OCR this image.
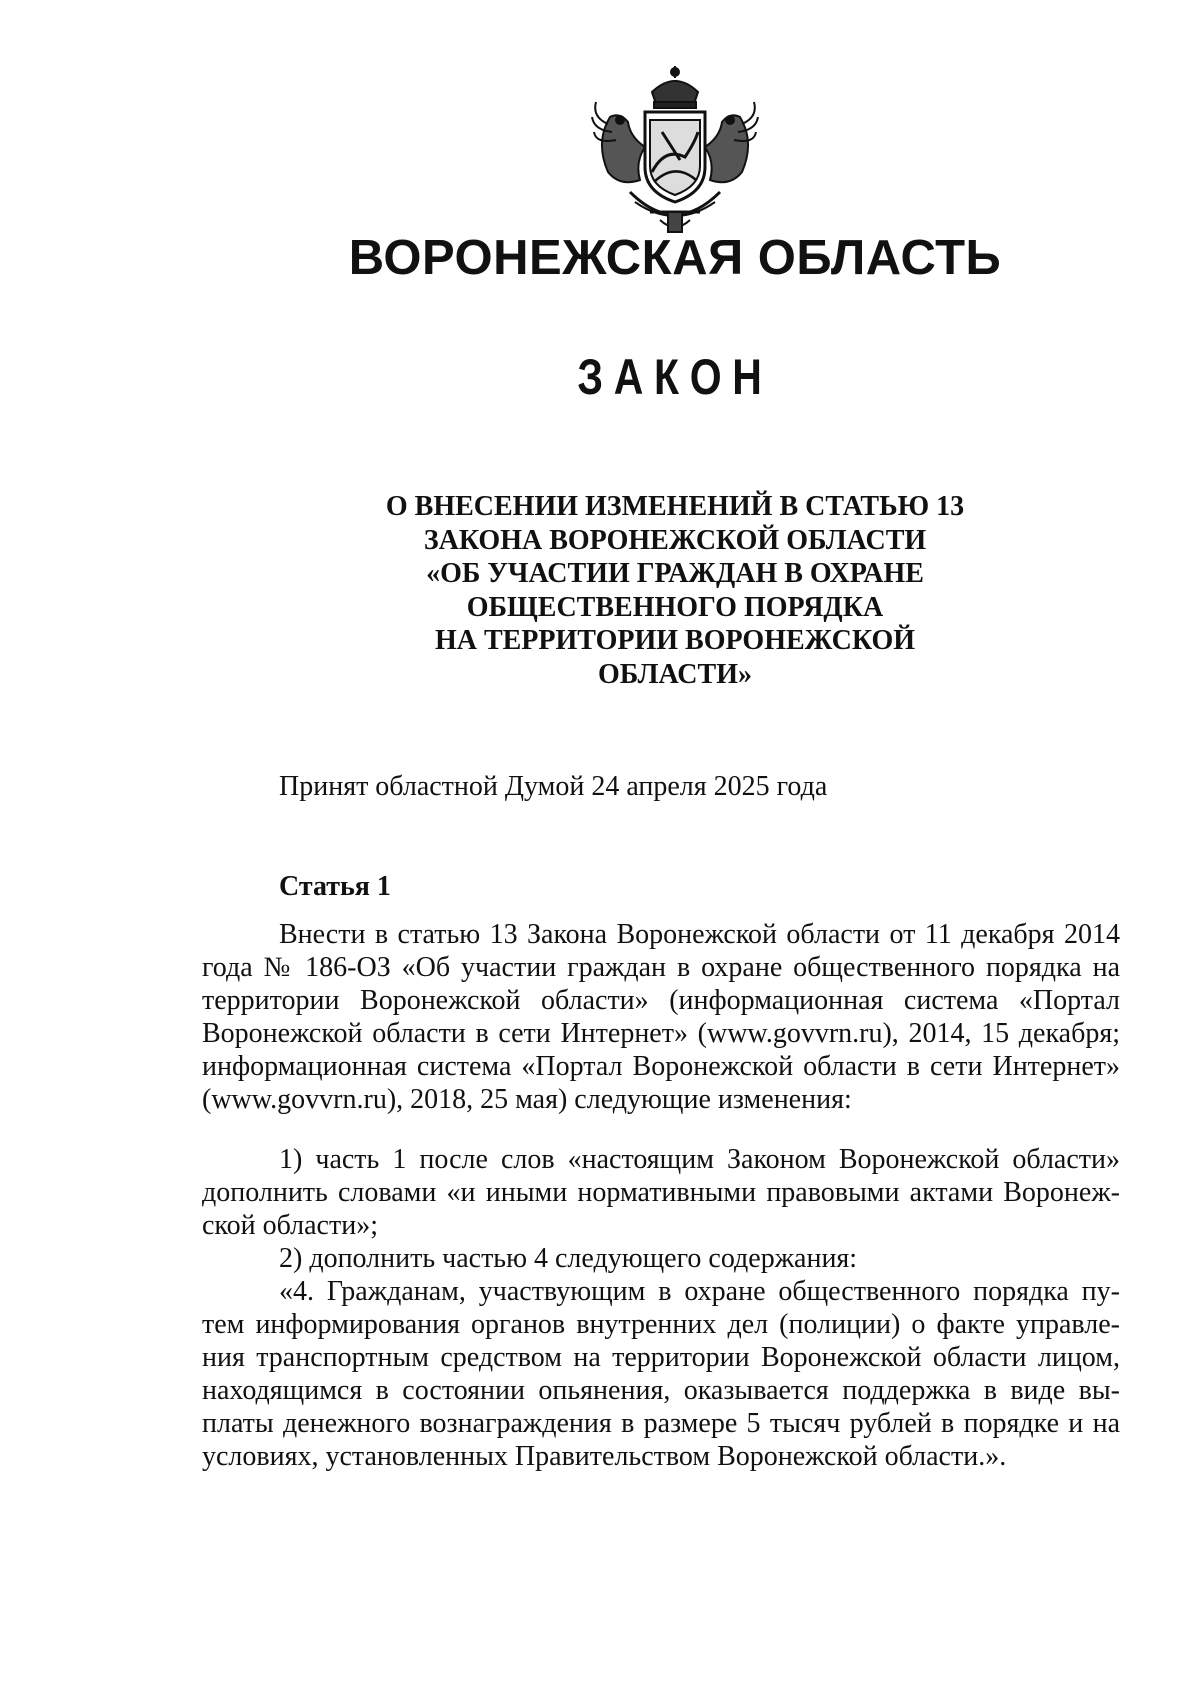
ВОРОНЕЖСКАЯ ОБЛАСТЬ
ЗАКОН
О ВНЕСЕНИИ ИЗМЕНЕНИЙ В СТАТЬЮ 13
ЗАКОНА ВОРОНЕЖСКОЙ ОБЛАСТИ
«ОБ УЧАСТИИ ГРАЖДАН В ОХРАНЕ
ОБЩЕСТВЕННОГО ПОРЯДКА
НА ТЕРРИТОРИИ ВОРОНЕЖСКОЙ
ОБЛАСТИ»
Принят областной Думой 24 апреля 2025 года
Статья 1
Внести в статью 13 Закона Воронежской области от 11 декабря 2014
года № 186-ОЗ «Об участии граждан в охране общественного порядка на
территории Воронежской области» (информационная система «Портал
Воронежской области в сети Интернет» (www.govvrn.ru), 2014, 15 декабря;
информационная система «Портал Воронежской области в сети Интернет»
(www.govvrn.ru), 2018, 25 мая) следующие изменения:
1) часть 1 после слов «настоящим Законом Воронежской области»
дополнить словами «и иными нормативными правовыми актами Воронеж-
ской области»;
2) дополнить частью 4 следующего содержания:
«4. Гражданам, участвующим в охране общественного порядка пу-
тем информирования органов внутренних дел (полиции) о факте управле-
ния транспортным средством на территории Воронежской области лицом,
находящимся в состоянии опьянения, оказывается поддержка в виде вы-
платы денежного вознаграждения в размере 5 тысяч рублей в порядке и на
условиях, установленных Правительством Воронежской области.».
